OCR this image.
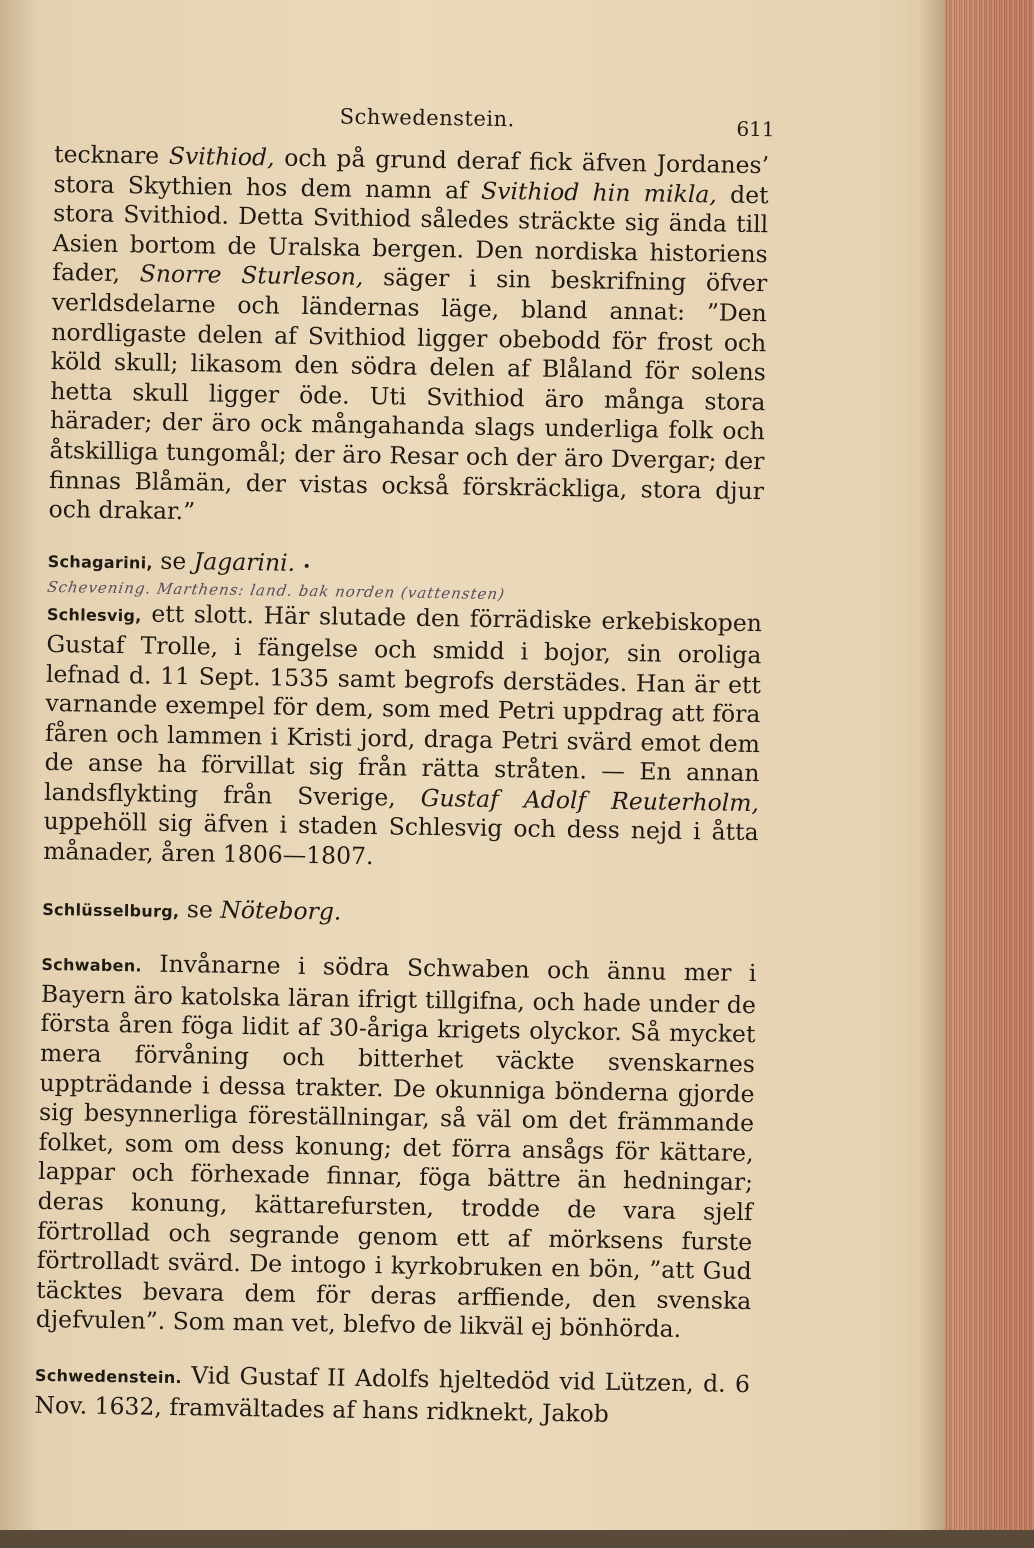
Schwedenstein.	611

tecknare Svithiod, och på grund deraf fick äfven Jordanes’ stora Skythien hos dem namn af Svithiod hin mikla, det stora Svithiod. Detta Svithiod således sträckte sig ända till Asien bortom de Uralska bergen. Den nordiska historiens fader, Snorre Sturleson, säger i sin beskrifning öfver verldsdelarne och ländernas läge, bland annat: ”Den nordligaste delen af Svithiod ligger obebodd för frost och köld skull; likasom den södra delen af Blåland för solens hetta skull ligger öde. Uti Svithiod äro många stora härader; der äro ock mångahanda slags underliga folk och åtskilliga tungomål; der äro Resar och der äro Dvergar; der finnas Blåmän, der vistas också förskräckliga, stora djur och drakar.”

Schagarini, se Jagarini. •

Schevening. Marthens: land. bak norden (vattensten)

Schlesvig, ett slott. Här slutade den förrädiske erkebiskopen Gustaf Trolle, i fängelse och smidd i bojor, sin oroliga lefnad d. 11 Sept. 1535 samt begrofs derstädes. Han är ett varnande exempel för dem, som med Petri uppdrag att föra fåren och lammen i Kristi jord, draga Petri svärd emot dem de anse ha förvillat sig från rätta stråten. — En annan landsflykting från Sverige, Gustaf Adolf Reuterholm, uppehöll sig äfven i staden Schlesvig och dess nejd i åtta månader, åren 1806—1807.

Schlüsselburg, se Nöteborg.

Schwaben. Invånarne i södra Schwaben och ännu mer i Bayern äro katolska läran ifrigt tillgifna, och hade under de första åren föga lidit af 30-åriga krigets olyckor. Så mycket mera förvåning och bitterhet väckte svenskarnes uppträdande i dessa trakter. De okunniga bönderna gjorde sig besynnerliga föreställningar, så väl om det främmande folket, som om dess konung; det förra ansågs för kättare, lappar och förhexade finnar, föga bättre än hedningar; deras konung, kättarefursten, trodde de vara sjelf förtrollad och segrande genom ett af mörksens furste förtrolladt svärd. De intogo i kyrkobruken en bön, ”att Gud täcktes bevara dem för deras arffiende, den svenska djefvulen”. Som man vet, blefvo de likväl ej bönhörda.

Schwedenstein. Vid Gustaf II Adolfs hjeltedöd vid Lützen, d. 6 Nov. 1632, framvältades af hans ridknekt, Jakob
